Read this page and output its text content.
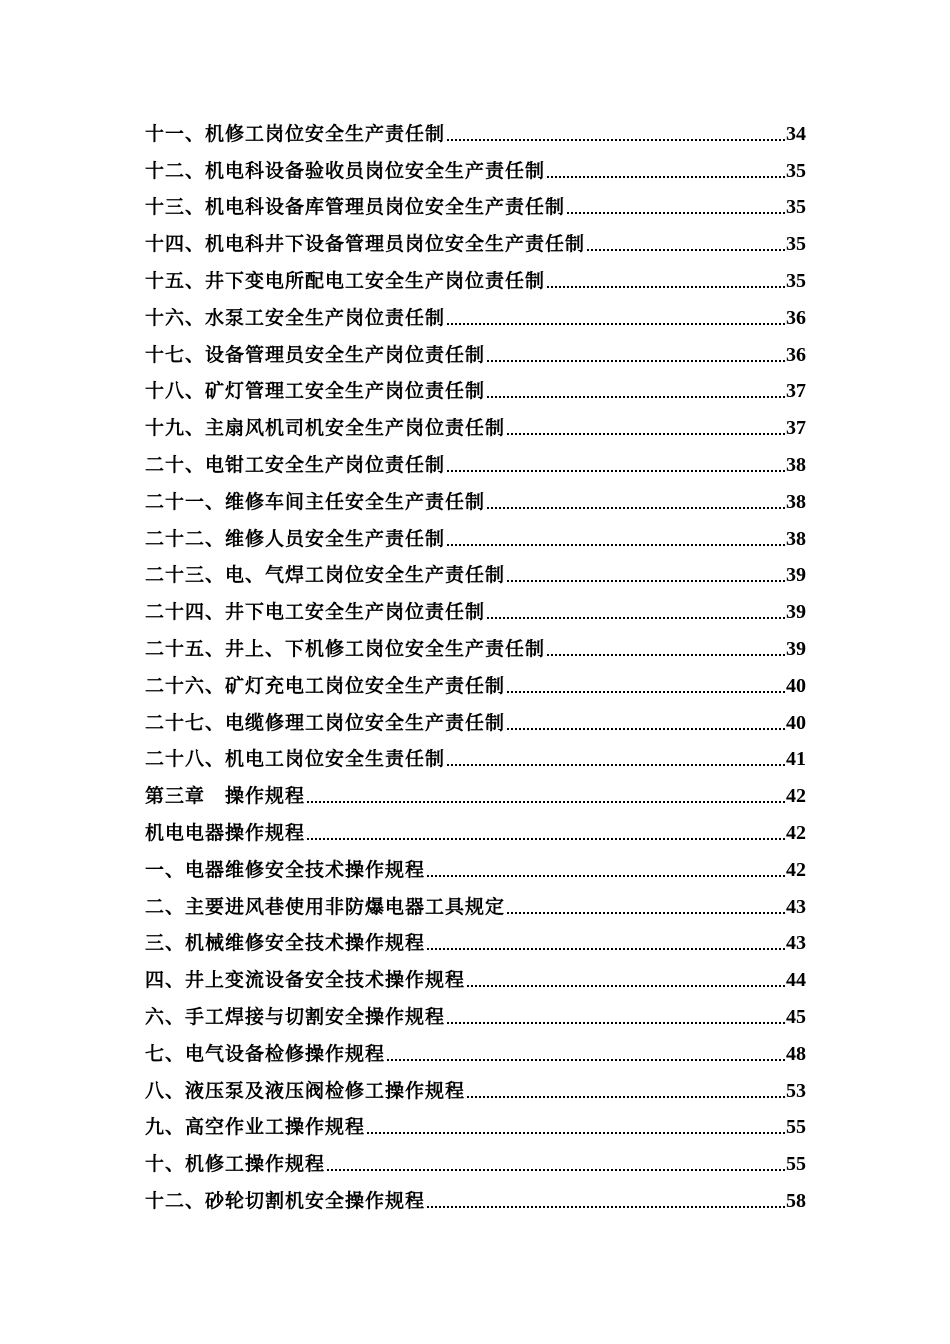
十一、机修工岗位安全生产责任制	34
十二、机电科设备验收员岗位安全生产责任制	35
十三、机电科设备库管理员岗位安全生产责任制	35
十四、机电科井下设备管理员岗位安全生产责任制	35
十五、井下变电所配电工安全生产岗位责任制	35
十六、水泵工安全生产岗位责任制	36
十七、设备管理员安全生产岗位责任制	36
十八、矿灯管理工安全生产岗位责任制	37
十九、主扇风机司机安全生产岗位责任制	37
二十、电钳工安全生产岗位责任制	38
二十一、维修车间主任安全生产责任制	38
二十二、维修人员安全生产责任制	38
二十三、电、气焊工岗位安全生产责任制	39
二十四、井下电工安全生产岗位责任制	39
二十五、井上、下机修工岗位安全生产责任制	39
二十六、矿灯充电工岗位安全生产责任制	40
二十七、电缆修理工岗位安全生产责任制	40
二十八、机电工岗位安全生责任制	41
第三章　操作规程	42
机电电器操作规程	42
一、电器维修安全技术操作规程	42
二、主要进风巷使用非防爆电器工具规定	43
三、机械维修安全技术操作规程	43
四、井上变流设备安全技术操作规程	44
六、手工焊接与切割安全操作规程	45
七、电气设备检修操作规程	48
八、液压泵及液压阀检修工操作规程	53
九、高空作业工操作规程	55
十、机修工操作规程	55
十二、砂轮切割机安全操作规程	58
